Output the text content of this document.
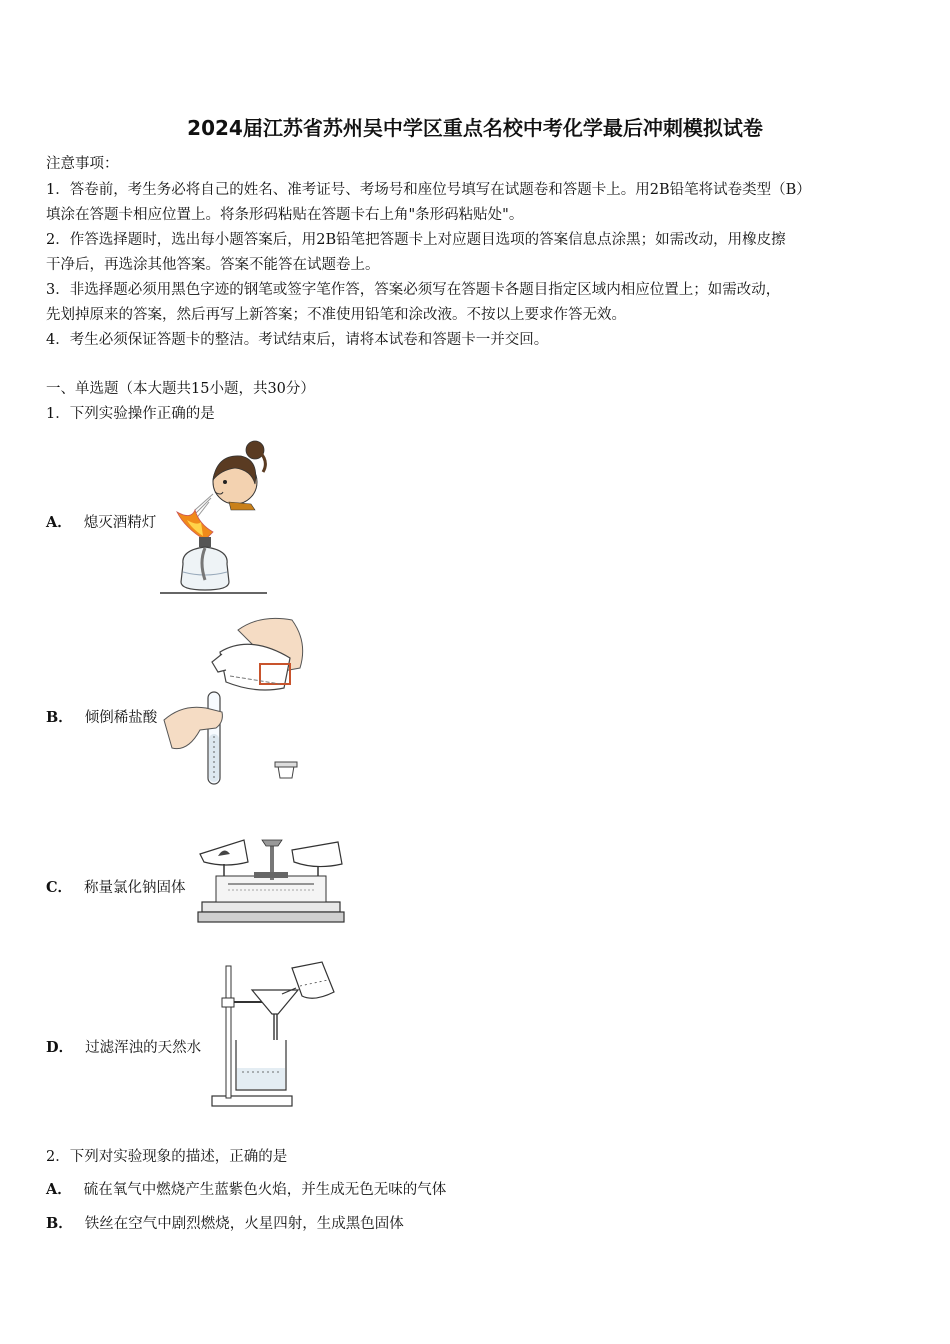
2024届江苏省苏州吴中学区重点名校中考化学最后冲刺模拟试卷
注意事项：
1．答卷前，考生务必将自己的姓名、准考证号、考场号和座位号填写在试题卷和答题卡上。用2B铅笔将试卷类型（B）
填涂在答题卡相应位置上。将条形码粘贴在答题卡右上角"条形码粘贴处"。
2．作答选择题时，选出每小题答案后，用2B铅笔把答题卡上对应题目选项的答案信息点涂黑；如需改动，用橡皮擦
干净后，再选涂其他答案。答案不能答在试题卷上。
3．非选择题必须用黑色字迹的钢笔或签字笔作答，答案必须写在答题卡各题目指定区域内相应位置上；如需改动，
先划掉原来的答案，然后再写上新答案；不准使用铅笔和涂改液。不按以上要求作答无效。
4．考生必须保证答题卡的整洁。考试结束后，请将本试卷和答题卡一并交回。
一、单选题（本大题共15小题，共30分）
1．下列实验操作正确的是
A． 熄灭酒精灯
B． 倾倒稀盐酸
C． 称量氯化钠固体
D． 过滤浑浊的天然水
2．下列对实验现象的描述，正确的是
A． 硫在氧气中燃烧产生蓝紫色火焰，并生成无色无味的气体
B． 铁丝在空气中剧烈燃烧，火星四射，生成黑色固体
